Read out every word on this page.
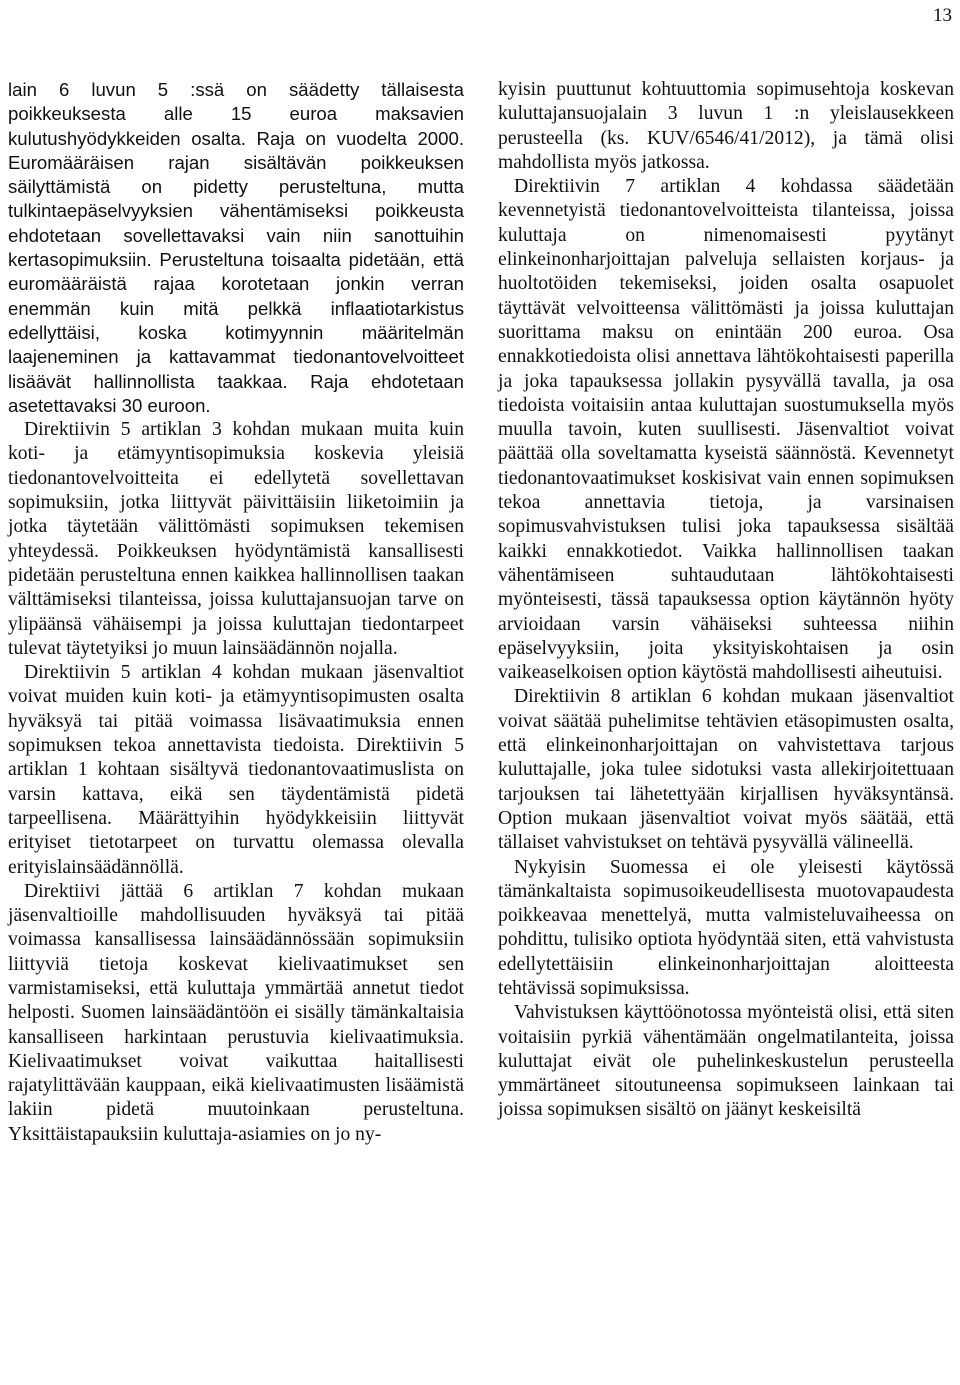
13

lain 6 luvun 5 :ssä on säädetty tällaisesta poikkeuksesta alle 15 euroa maksavien kulutushyödykkeiden osalta. Raja on vuodelta 2000. Euromääräisen rajan sisältävän poikkeuksen säilyttämistä on pidetty perusteltuna, mutta tulkintaepäselvyyksien vähentämiseksi poikkeusta ehdotetaan sovellettavaksi vain niin sanottuihin kertasopimuksiin. Perusteltuna toisaalta pidetään, että euromääräistä rajaa korotetaan jonkin verran enemmän kuin mitä pelkkä inflaatiotarkistus edellyttäisi, koska kotimyynnin määritelmän laajeneminen ja kattavammat tiedonantovelvoitteet lisäävät hallinnollista taakkaa. Raja ehdotetaan asetettavaksi 30 euroon.

Direktiivin 5 artiklan 3 kohdan mukaan muita kuin koti- ja etämyyntisopimuksia koskevia yleisiä tiedonantovelvoitteita ei edellytetä sovellettavan sopimuksiin, jotka liittyvät päivittäisiin liiketoimiin ja jotka täytetään välittömästi sopimuksen tekemisen yhteydessä. Poikkeuksen hyödyntämistä kansallisesti pidetään perusteltuna ennen kaikkea hallinnollisen taakan välttämiseksi tilanteissa, joissa kuluttajansuojan tarve on ylipäänsä vähäisempi ja joissa kuluttajan tiedontarpeet tulevat täytetyiksi jo muun lainsäädännön nojalla.

Direktiivin 5 artiklan 4 kohdan mukaan jäsenvaltiot voivat muiden kuin koti- ja etämyyntisopimusten osalta hyväksyä tai pitää voimassa lisävaatimuksia ennen sopimuksen tekoa annettavista tiedoista. Direktiivin 5 artiklan 1 kohtaan sisältyvä tiedonantovaatimuslista on varsin kattava, eikä sen täydentämistä pidetä tarpeellisena. Määrättyihin hyödykkeisiin liittyvät erityiset tietotarpeet on turvattu olemassa olevalla erityislainsäädännöllä.

Direktiivi jättää 6 artiklan 7 kohdan mukaan jäsenvaltioille mahdollisuuden hyväksyä tai pitää voimassa kansallisessa lainsäädännössään sopimuksiin liittyviä tietoja koskevat kielivaatimukset sen varmistamiseksi, että kuluttaja ymmärtää annetut tiedot helposti. Suomen lainsäädäntöön ei sisälly tämänkaltaisia kansalliseen harkintaan perustuvia kielivaatimuksia. Kielivaatimukset voivat vaikuttaa haitallisesti rajatylittävään kauppaan, eikä kielivaatimusten lisäämistä lakiin pidetä muutoinkaan perusteltuna. Yksittäistapauksiin kuluttaja-asiamies on jo ny-

kyisin puuttunut kohtuuttomia sopimusehtoja koskevan kuluttajansuojalain 3 luvun 1 :n yleislausekkeen perusteella (ks. KUV/6546/41/2012), ja tämä olisi mahdollista myös jatkossa.

Direktiivin 7 artiklan 4 kohdassa säädetään kevennetyistä tiedonantovelvoitteista tilanteissa, joissa kuluttaja on nimenomaisesti pyytänyt elinkeinonharjoittajan palveluja sellaisten korjaus- ja huoltotöiden tekemiseksi, joiden osalta osapuolet täyttävät velvoitteensa välittömästi ja joissa kuluttajan suorittama maksu on enintään 200 euroa. Osa ennakkotiedoista olisi annettava lähtökohtaisesti paperilla ja joka tapauksessa jollakin pysyvällä tavalla, ja osa tiedoista voitaisiin antaa kuluttajan suostumuksella myös muulla tavoin, kuten suullisesti. Jäsenvaltiot voivat päättää olla soveltamatta kyseistä säännöstä. Kevennetyt tiedonantovaatimukset koskisivat vain ennen sopimuksen tekoa annettavia tietoja, ja varsinaisen sopimusvahvistuksen tulisi joka tapauksessa sisältää kaikki ennakkotiedot. Vaikka hallinnollisen taakan vähentämiseen suhtaudutaan lähtökohtaisesti myönteisesti, tässä tapauksessa option käytännön hyöty arvioidaan varsin vähäiseksi suhteessa niihin epäselvyyksiin, joita yksityiskohtaisen ja osin vaikeaselkoisen option käytöstä mahdollisesti aiheutuisi.

Direktiivin 8 artiklan 6 kohdan mukaan jäsenvaltiot voivat säätää puhelimitse tehtävien etäsopimusten osalta, että elinkeinonharjoittajan on vahvistettava tarjous kuluttajalle, joka tulee sidotuksi vasta allekirjoitettuaan tarjouksen tai lähetettyään kirjallisen hyväksyntänsä. Option mukaan jäsenvaltiot voivat myös säätää, että tällaiset vahvistukset on tehtävä pysyvällä välineellä.

Nykyisin Suomessa ei ole yleisesti käytössä tämänkaltaista sopimusoikeudellisesta muotovapaudesta poikkeavaa menettelyä, mutta valmisteluvaiheessa on pohdittu, tulisiko optiota hyödyntää siten, että vahvistusta edellytettäisiin elinkeinonharjoittajan aloitteesta tehtävissä sopimuksissa.

Vahvistuksen käyttöönotossa myönteistä olisi, että siten voitaisiin pyrkiä vähentämään ongelmatilanteita, joissa kuluttajat eivät ole puhelinkeskustelun perusteella ymmärtäneet sitoutuneensa sopimukseen lainkaan tai joissa sopimuksen sisältö on jäänyt keskeisiltä
